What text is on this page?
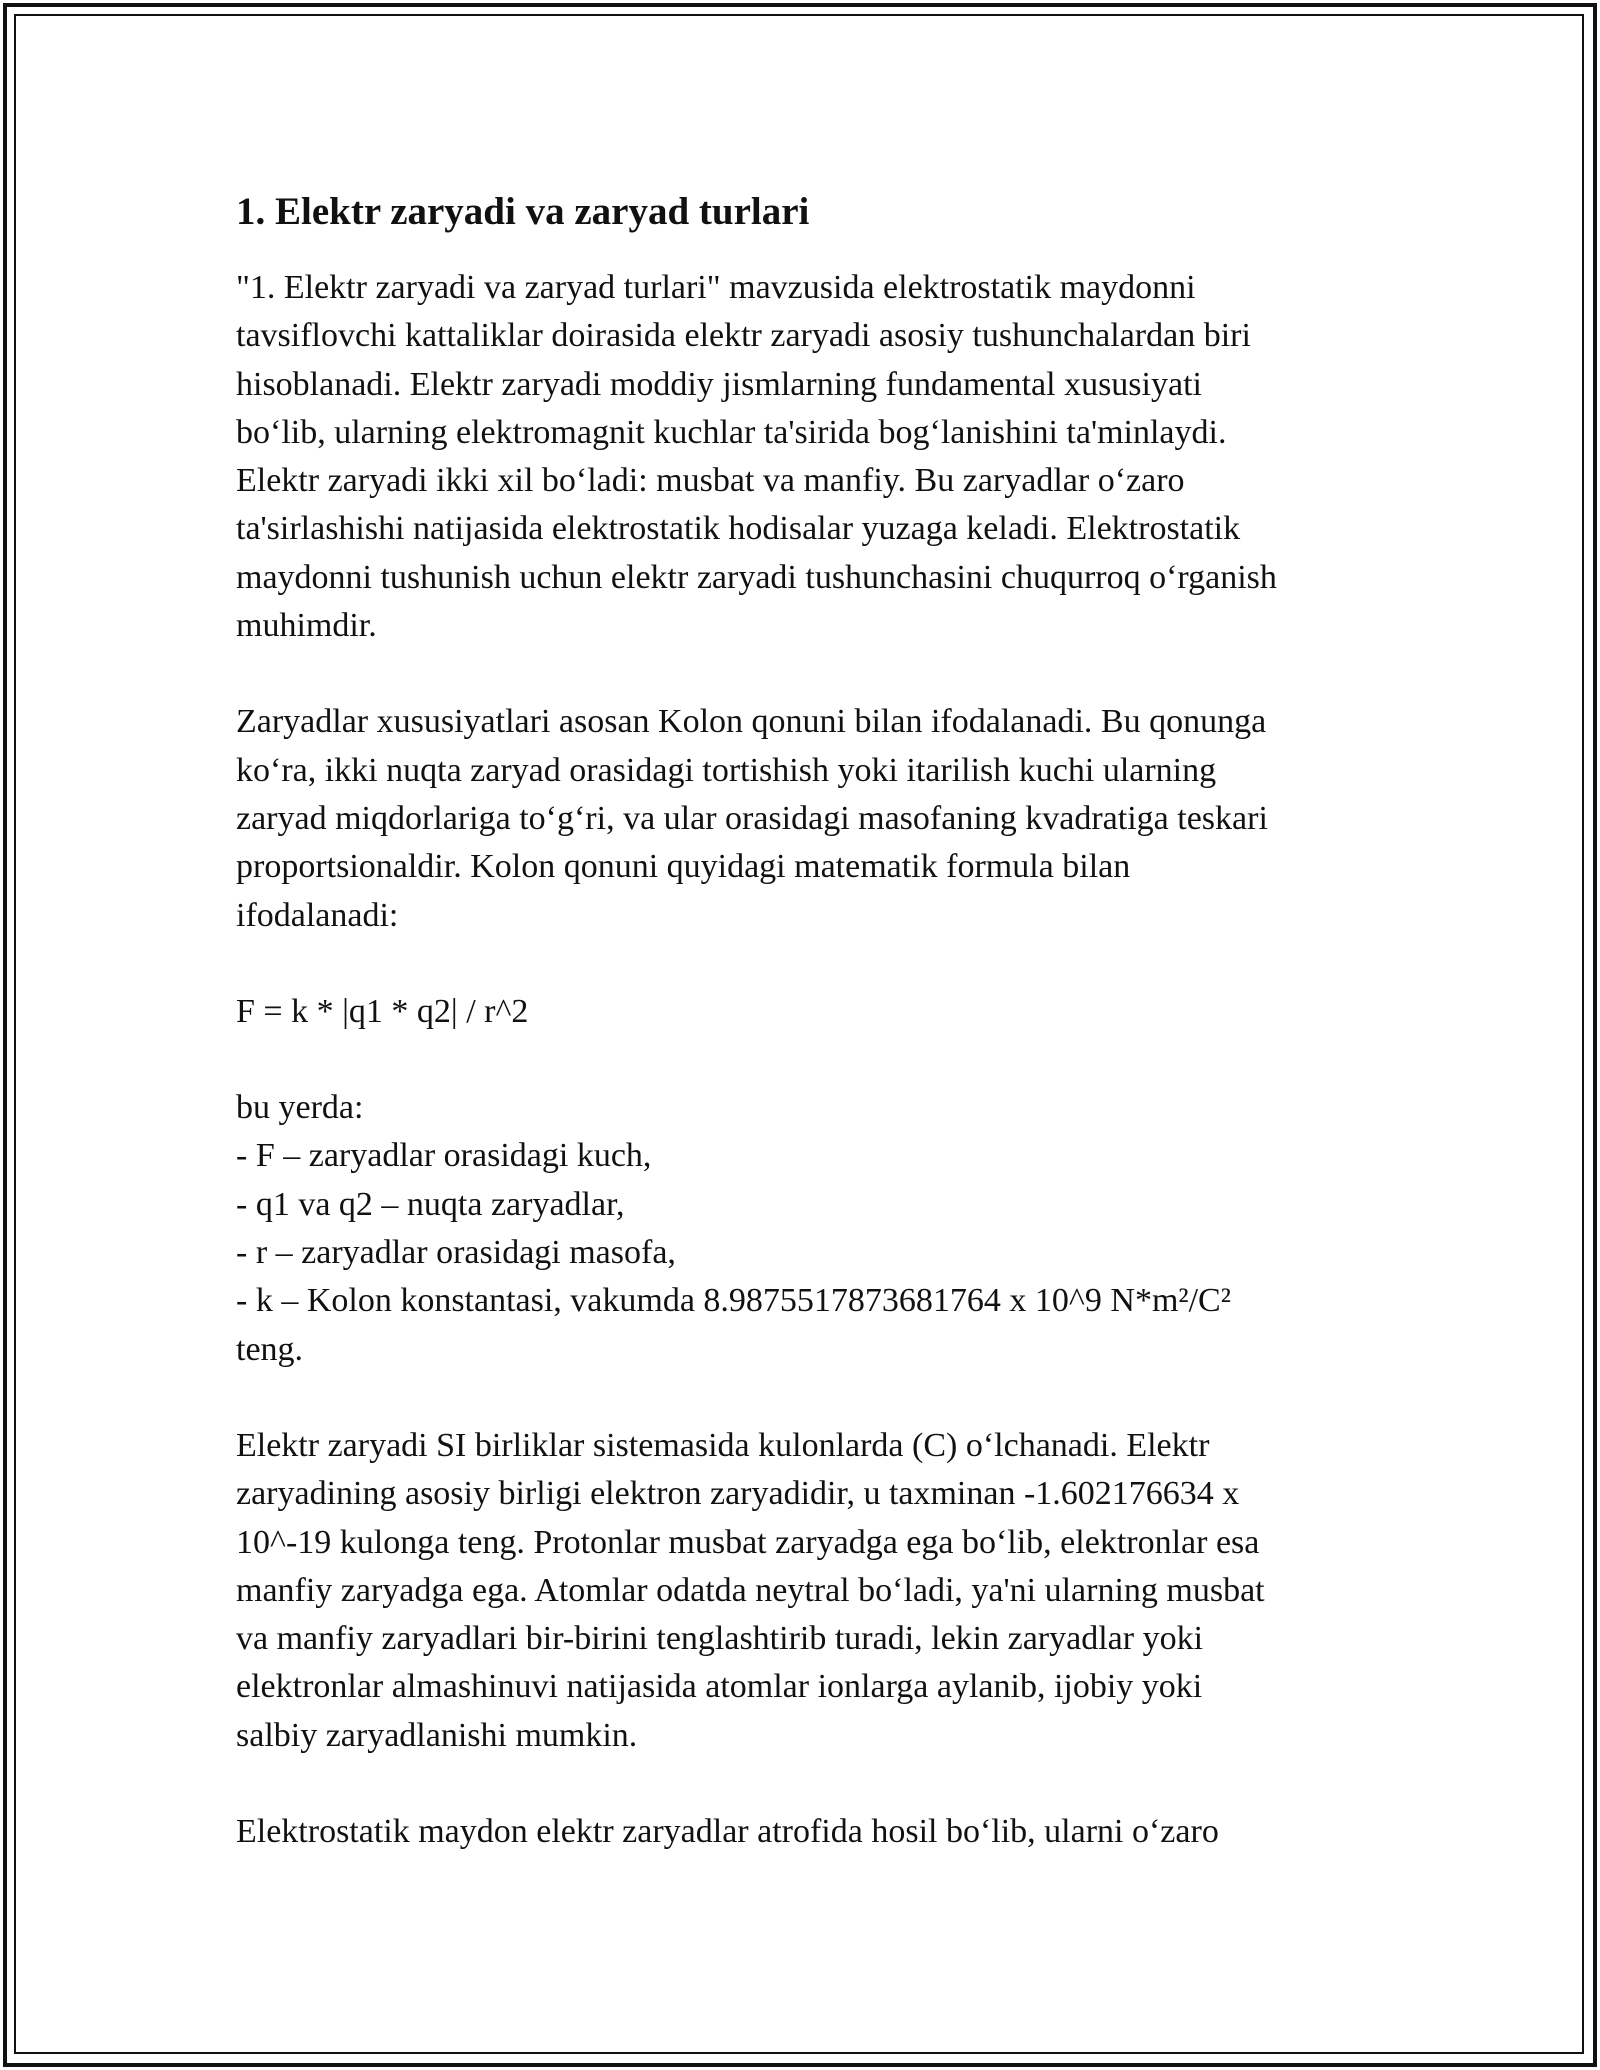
1. Elektr zaryadi va zaryad turlari

"1. Elektr zaryadi va zaryad turlari" mavzusida elektrostatik maydonni
tavsiflovchi kattaliklar doirasida elektr zaryadi asosiy tushunchalardan biri
hisoblanadi. Elektr zaryadi moddiy jismlarning fundamental xususiyati
bo‘lib, ularning elektromagnit kuchlar ta'sirida bog‘lanishini ta'minlaydi.
Elektr zaryadi ikki xil bo‘ladi: musbat va manfiy. Bu zaryadlar o‘zaro
ta'sirlashishi natijasida elektrostatik hodisalar yuzaga keladi. Elektrostatik
maydonni tushunish uchun elektr zaryadi tushunchasini chuqurroq o‘rganish
muhimdir.

Zaryadlar xususiyatlari asosan Kolon qonuni bilan ifodalanadi. Bu qonunga
ko‘ra, ikki nuqta zaryad orasidagi tortishish yoki itarilish kuchi ularning
zaryad miqdorlariga to‘g‘ri, va ular orasidagi masofaning kvadratiga teskari
proportsionaldir. Kolon qonuni quyidagi matematik formula bilan
ifodalanadi:

F = k * |q1 * q2| / r^2

bu yerda:
- F – zaryadlar orasidagi kuch,
- q1 va q2 – nuqta zaryadlar,
- r – zaryadlar orasidagi masofa,
- k – Kolon konstantasi, vakumda 8.9875517873681764 x 10^9 N*m²/C²
teng.

Elektr zaryadi SI birliklar sistemasida kulonlarda (C) o‘lchanadi. Elektr
zaryadining asosiy birligi elektron zaryadidir, u taxminan -1.602176634 x
10^-19 kulonga teng. Protonlar musbat zaryadga ega bo‘lib, elektronlar esa
manfiy zaryadga ega. Atomlar odatda neytral bo‘ladi, ya'ni ularning musbat
va manfiy zaryadlari bir-birini tenglashtirib turadi, lekin zaryadlar yoki
elektronlar almashinuvi natijasida atomlar ionlarga aylanib, ijobiy yoki
salbiy zaryadlanishi mumkin.

Elektrostatik maydon elektr zaryadlar atrofida hosil bo‘lib, ularni o‘zaro
